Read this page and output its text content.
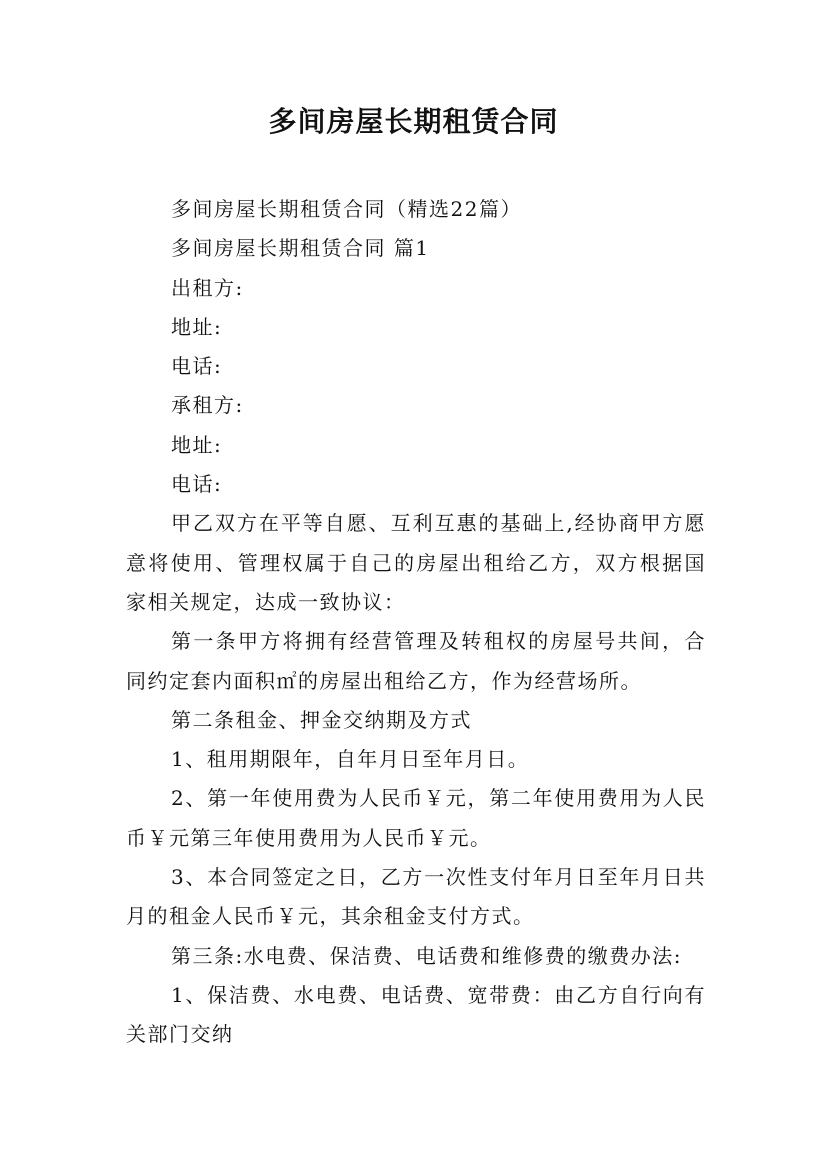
多间房屋长期租赁合同

多间房屋长期租赁合同（精选22篇）

多间房屋长期租赁合同 篇1

出租方:

地址:

电话:

承租方:

地址:

电话:

甲乙双方在平等自愿、互利互惠的基础上,经协商甲方愿意将使用、管理权属于自己的房屋出租给乙方，双方根据国家相关规定，达成一致协议：

第一条甲方将拥有经营管理及转租权的房屋号共间，合同约定套内面积㎡的房屋出租给乙方，作为经营场所。

第二条租金、押金交纳期及方式

1、租用期限年，自年月日至年月日。

2、第一年使用费为人民币￥元，第二年使用费用为人民币￥元第三年使用费用为人民币￥元。

3、本合同签定之日，乙方一次性支付年月日至年月日共月的租金人民币￥元，其余租金支付方式。

第三条:水电费、保洁费、电话费和维修费的缴费办法:

1、保洁费、水电费、电话费、宽带费：由乙方自行向有关部门交纳
